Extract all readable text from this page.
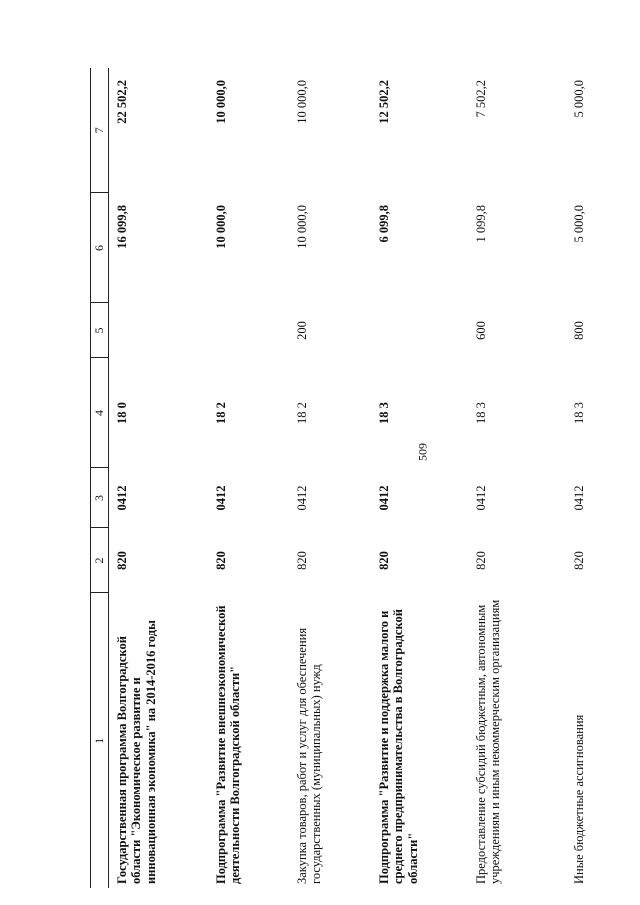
509
1	2	3	4	5	6	7
Государственная программа Волгоградской области "Экономическое развитие и инновационная экономика" на 2014-2016 годы	820	0412	18 0		16 099,8	22 502,2
Подпрограмма "Развитие внешнеэкономической деятельности Волгоградской области"	820	0412	18 2		10 000,0	10 000,0
Закупка товаров, работ и услуг для обеспечения государственных (муниципальных) нужд	820	0412	18 2	200	10 000,0	10 000,0
Подпрограмма "Развитие и поддержка малого и среднего предпринимательства в Волгоградской области"	820	0412	18 3		6 099,8	12 502,2
Предоставление субсидий бюджетным, автономным учреждениям и иным некоммерческим организациям	820	0412	18 3	600	1 099,8	7 502,2
Иные бюджетные ассигнования	820	0412	18 3	800	5 000,0	5 000,0
